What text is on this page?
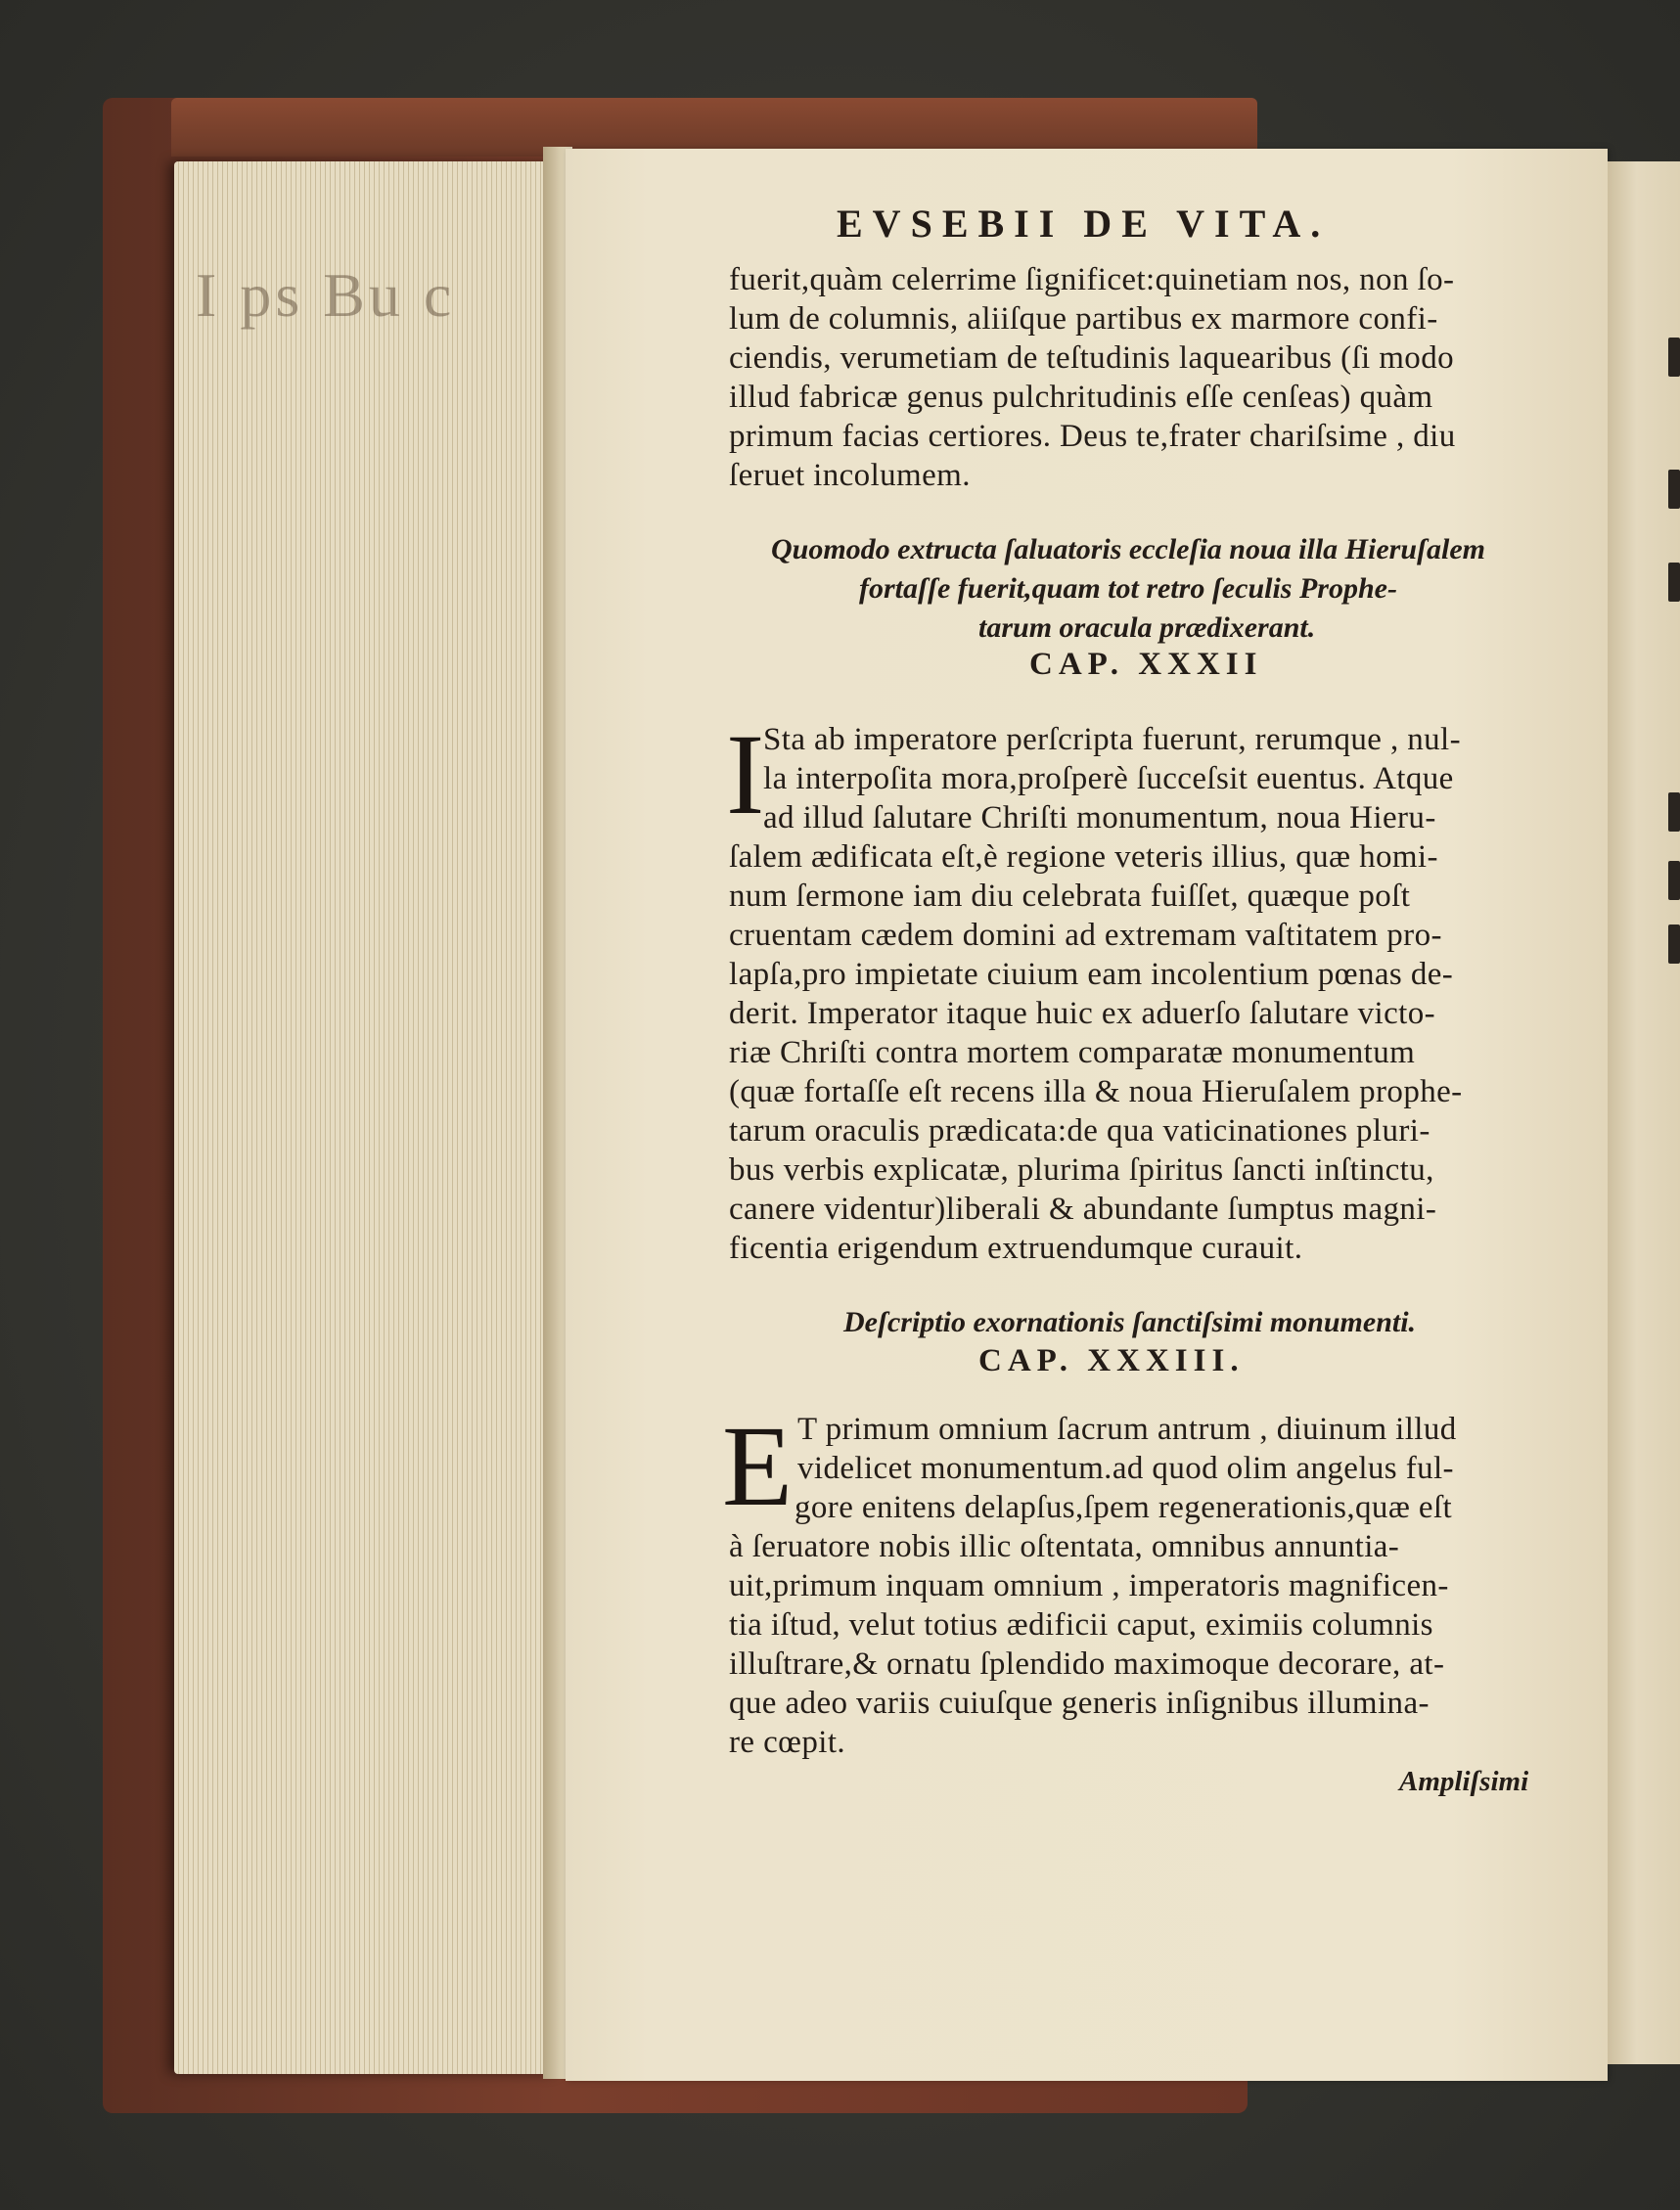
I ps Bu c
EVSEBII DE VITA.
fuerit,quàm celerrime ſignificet:quinetiam nos, non ſo-
lum de columnis, aliiſque partibus ex marmore confi-
ciendis, verumetiam de teſtudinis laquearibus (ſi modo
illud fabricæ genus pulchritudinis eſſe cenſeas) quàm
primum facias certiores. Deus te,frater chariſsime , diu
ſeruet incolumem.
Quomodo extructa ſaluatoris eccleſia noua illa Hieruſalem
fortaſſe fuerit,quam tot retro ſeculis Prophe-
tarum oracula prædixerant.
CAP. XXXII
I
Sta ab imperatore perſcripta fuerunt, rerumque , nul-
la interpoſita mora,proſperè ſucceſsit euentus. Atque
ad illud ſalutare Chriſti monumentum, noua Hieru-
ſalem ædificata eſt,è regione veteris illius, quæ homi-
num ſermone iam diu celebrata fuiſſet, quæque poſt
cruentam cædem domini ad extremam vaſtitatem pro-
lapſa,pro impietate ciuium eam incolentium pœnas de-
derit. Imperator itaque huic ex aduerſo ſalutare victo-
riæ Chriſti contra mortem comparatæ monumentum
(quæ fortaſſe eſt recens illa & noua Hieruſalem prophe-
tarum oraculis prædicata:de qua vaticinationes pluri-
bus verbis explicatæ, plurima ſpiritus ſancti inſtinctu,
canere videntur)liberali & abundante ſumptus magni-
ficentia erigendum extruendumque curauit.
Deſcriptio exornationis ſanctiſsimi monumenti.
CAP. XXXIII.
E T primum omnium ſacrum antrum , diuinum illud
videlicet monumentum.ad quod olim angelus ful-
gore enitens delapſus,ſpem regenerationis,quæ eſt
à ſeruatore nobis illic oſtentata, omnibus annuntia-
uit,primum inquam omnium , imperatoris magnificen-
tia iſtud, velut totius ædificii caput, eximiis columnis
illuſtrare,& ornatu ſplendido maximoque decorare, at-
que adeo variis cuiuſque generis inſignibus illumina-
re cœpit.
Ampliſsimi
